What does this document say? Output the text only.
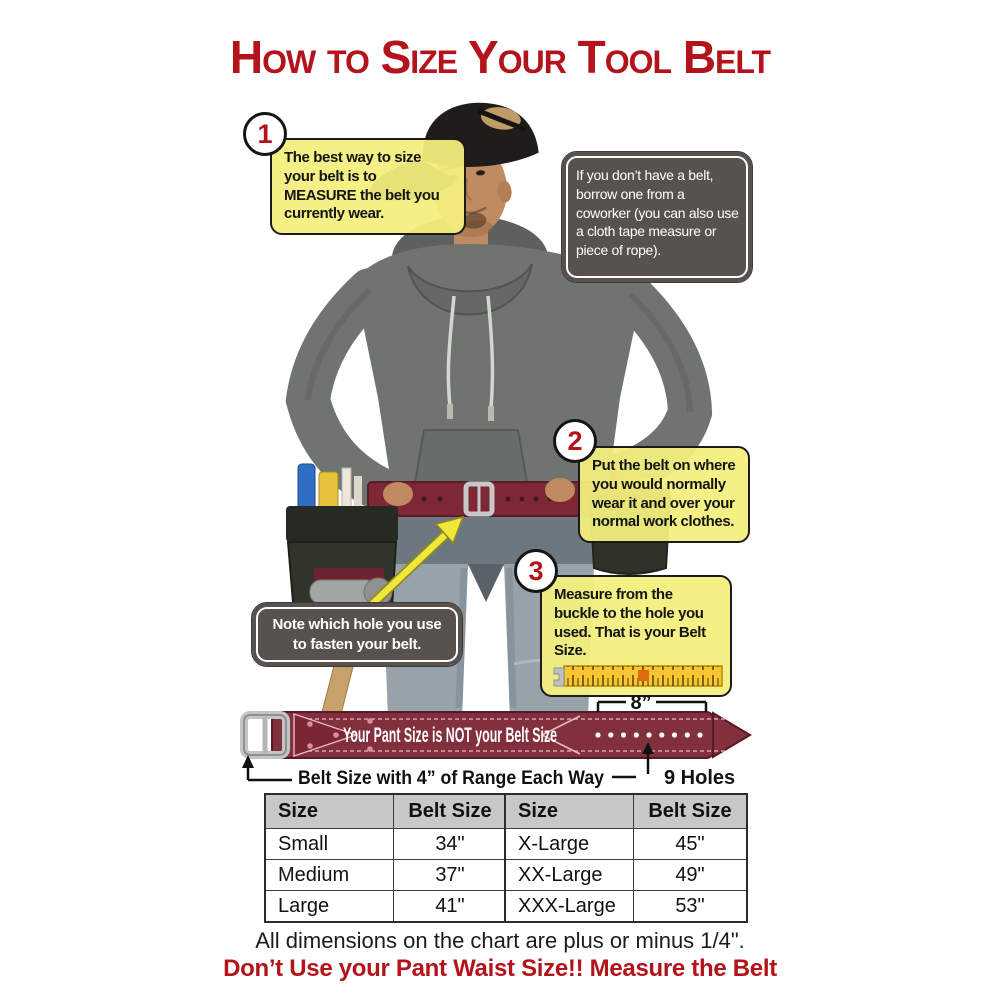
How to Size Your Tool Belt
1
The best way to size your belt is to MEASURE the belt you currently wear.
If you don’t have a belt, borrow one from a coworker (you can also use a cloth tape measure or piece of rope).
2
Put the belt on where you would normally wear it and over your normal work clothes.
3
Measure from the buckle to the hole you used. That is your Belt Size.
Note which hole you use to fasten your belt.
Your Pant Size is NOT your Belt Size
8”
Belt Size with 4” of Range Each Way	9 Holes
Size	Belt Size
Small	34"
Medium	37"
Large	41"
Size	Belt Size
X-Large	45"
XX-Large	49"
XXX-Large	53"
All dimensions on the chart are plus or minus 1/4".
Don’t Use your Pant Waist Size!! Measure the Belt
